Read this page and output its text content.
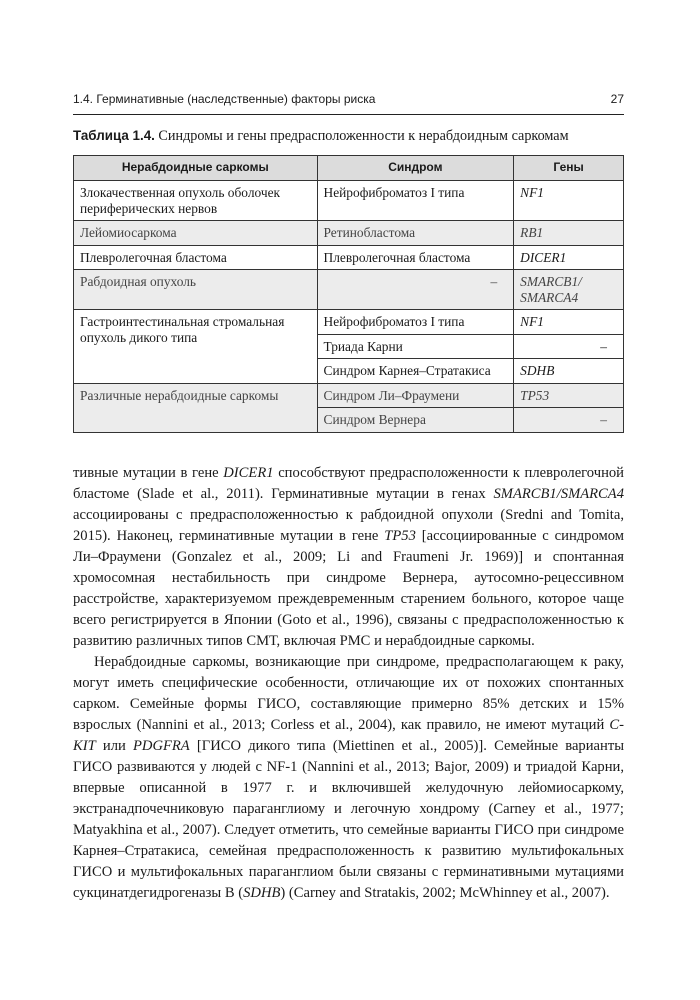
1.4. Герминативные (наследственные) факторы риска	27
Таблица 1.4. Синдромы и гены предрасположенности к нерабдоидным саркомам
Нерабдоидные саркомы	Синдром	Гены
Злокачественная опухоль оболочек периферических нервов	Нейрофиброматоз I типа	NF1
Лейомиосаркома	Ретинобластома	RB1
Плевролегочная бластома	Плевролегочная бластома	DICER1
Рабдоидная опухоль	–	SMARCB1/
SMARCA4
Гастроинтестинальная стромальная опухоль дикого типа	Нейрофиброматоз I типа	NF1
	Триада Карни	–
	Синдром Карнея–Стратакиса	SDHB
Различные нерабдоидные саркомы	Синдром Ли–Фраумени	TP53
	Синдром Вернера	–

тивные мутации в гене DICER1 способствуют предрасположенности к плевролегочной бластоме (Slade et al., 2011). Герминативные мутации в генах SMARCB1/SMARCA4 ассоциированы с предрасположенностью к рабдоидной опухоли (Sredni and Tomita, 2015). Наконец, герминативные мутации в гене TP53 [ассоциированные с синдромом Ли–Фраумени (Gonzalez et al., 2009; Li and Fraumeni Jr. 1969)] и спонтанная хромосомная нестабильность при синдроме Вернера, аутосомно-рецессивном расстройстве, характеризуемом преждевременным старением больного, которое чаще всего регистрируется в Японии (Goto et al., 1996), связаны с предрасположенностью к развитию различных типов СМТ, включая РМС и нерабдоидные саркомы.

Нерабдоидные саркомы, возникающие при синдроме, предрасполагающем к раку, могут иметь специфические особенности, отличающие их от похожих спонтанных сарком. Семейные формы ГИСО, составляющие примерно 85% детских и 15% взрослых (Nannini et al., 2013; Corless et al., 2004), как правило, не имеют мутаций C-KIT или PDGFRA [ГИСО дикого типа (Miettinen et al., 2005)]. Семейные варианты ГИСО развиваются у людей с NF-1 (Nannini et al., 2013; Bajor, 2009) и триадой Карни, впервые описанной в 1977 г. и включившей желудочную лейомиосаркому, экстранадпочечниковую параганглиому и легочную хондрому (Carney et al., 1977; Matyakhina et al., 2007). Следует отметить, что семейные варианты ГИСО при синдроме Карнея–Стратакиса, семейная предрасположенность к развитию мультифокальных ГИСО и мультифокальных параганглиом были связаны с герминативными мутациями сукцинатдегидрогеназы B (SDHB) (Carney and Stratakis, 2002; McWhinney et al., 2007).
